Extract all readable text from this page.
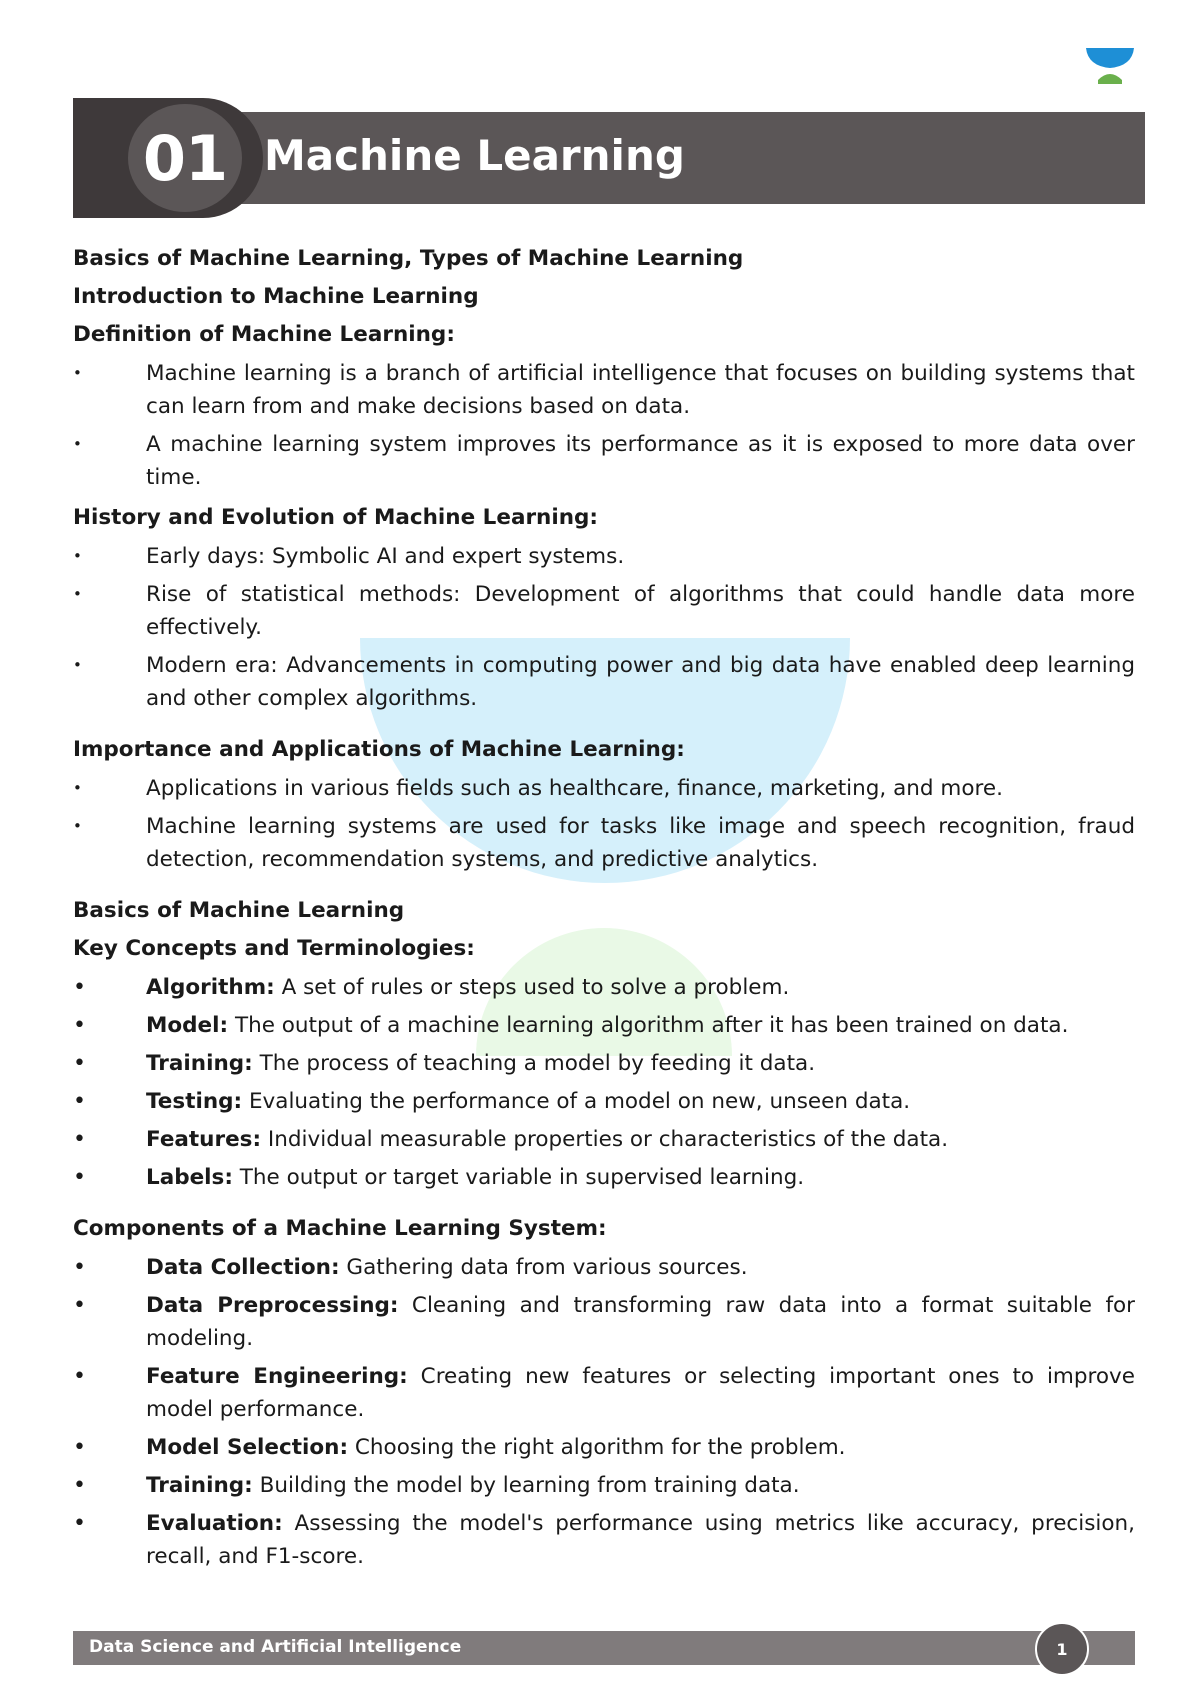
01 Machine Learning
Basics of Machine Learning, Types of Machine Learning
Introduction to Machine Learning
Definition of Machine Learning:
•	Machine learning is a branch of artificial intelligence that focuses on building systems that can learn from and make decisions based on data.
•	A machine learning system improves its performance as it is exposed to more data over time.
History and Evolution of Machine Learning:
•	Early days: Symbolic AI and expert systems.
•	Rise of statistical methods: Development of algorithms that could handle data more effectively.
•	Modern era: Advancements in computing power and big data have enabled deep learning and other complex algorithms.
Importance and Applications of Machine Learning:
•	Applications in various fields such as healthcare, finance, marketing, and more.
•	Machine learning systems are used for tasks like image and speech recognition, fraud detection, recommendation systems, and predictive analytics.
Basics of Machine Learning
Key Concepts and Terminologies:
•	Algorithm: A set of rules or steps used to solve a problem.
•	Model: The output of a machine learning algorithm after it has been trained on data.
•	Training: The process of teaching a model by feeding it data.
•	Testing: Evaluating the performance of a model on new, unseen data.
•	Features: Individual measurable properties or characteristics of the data.
•	Labels: The output or target variable in supervised learning.
Components of a Machine Learning System:
•	Data Collection: Gathering data from various sources.
•	Data Preprocessing: Cleaning and transforming raw data into a format suitable for modeling.
•	Feature Engineering: Creating new features or selecting important ones to improve model performance.
•	Model Selection: Choosing the right algorithm for the problem.
•	Training: Building the model by learning from training data.
•	Evaluation: Assessing the model's performance using metrics like accuracy, precision, recall, and F1-score.
Data Science and Artificial Intelligence	1
